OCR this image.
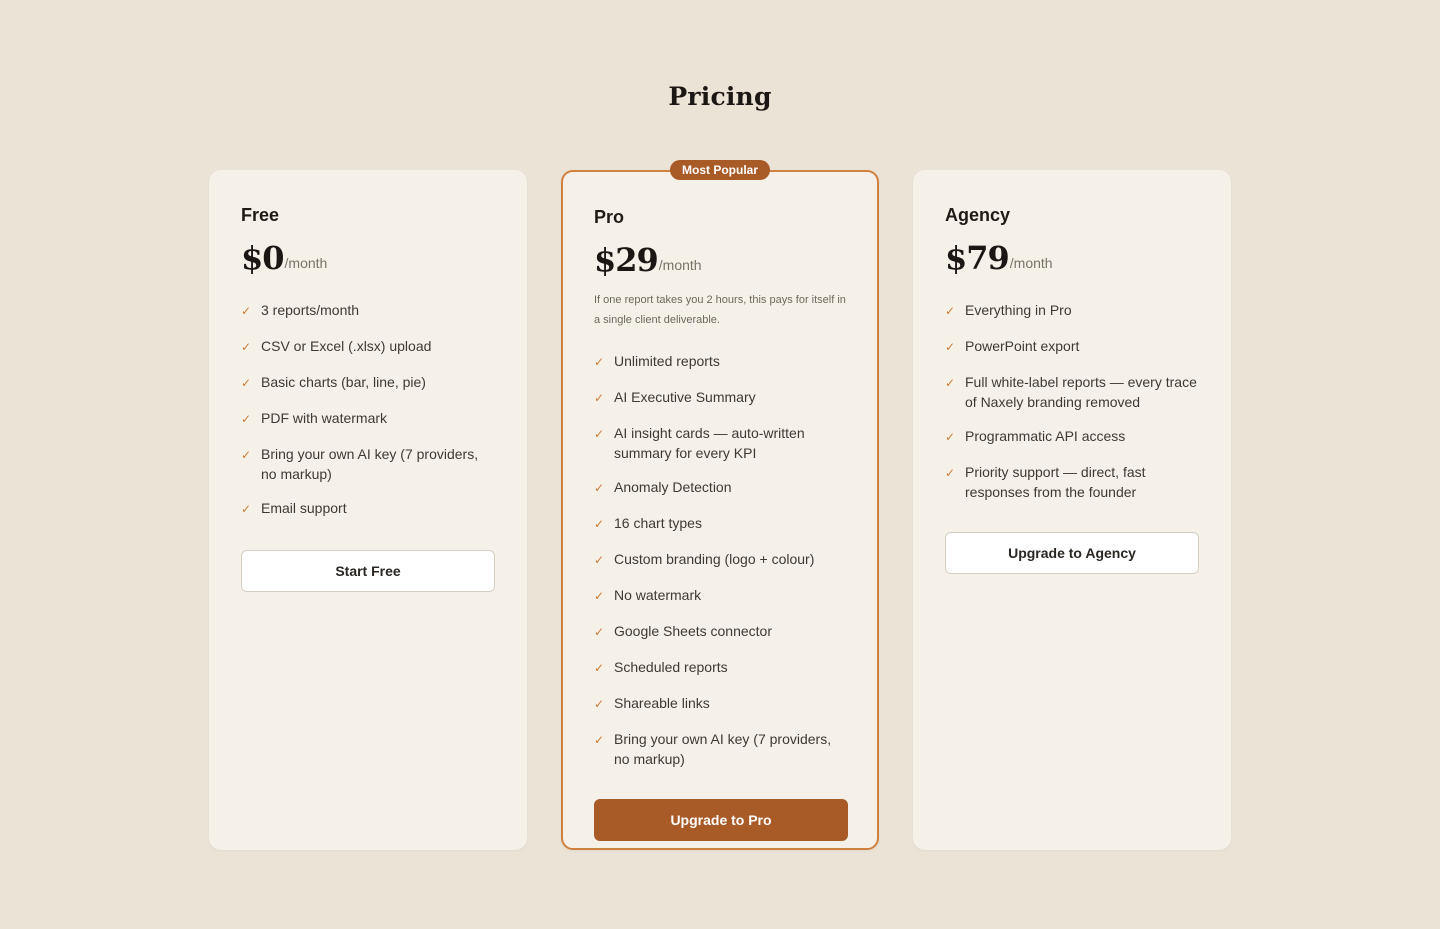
Pricing
Free
$0 /month
✓ 3 reports/month
✓ CSV or Excel (.xlsx) upload
✓ Basic charts (bar, line, pie)
✓ PDF with watermark
✓ Bring your own AI key (7 providers, no markup)
✓ Email support
Start Free
Most Popular
Pro
$29 /month

If one report takes you 2 hours, this pays for itself in a single client deliverable.

✓ Unlimited reports
✓ AI Executive Summary
✓ AI insight cards — auto-written summary for every KPI
✓ Anomaly Detection
✓ 16 chart types
✓ Custom branding (logo + colour)
✓ No watermark
✓ Google Sheets connector
✓ Scheduled reports
✓ Shareable links
✓ Bring your own AI key (7 providers, no markup)
Upgrade to Pro
Agency
$79 /month
✓ Everything in Pro
✓ PowerPoint export
✓ Full white-label reports — every trace of Naxely branding removed
✓ Programmatic API access
✓ Priority support — direct, fast responses from the founder
Upgrade to Agency
